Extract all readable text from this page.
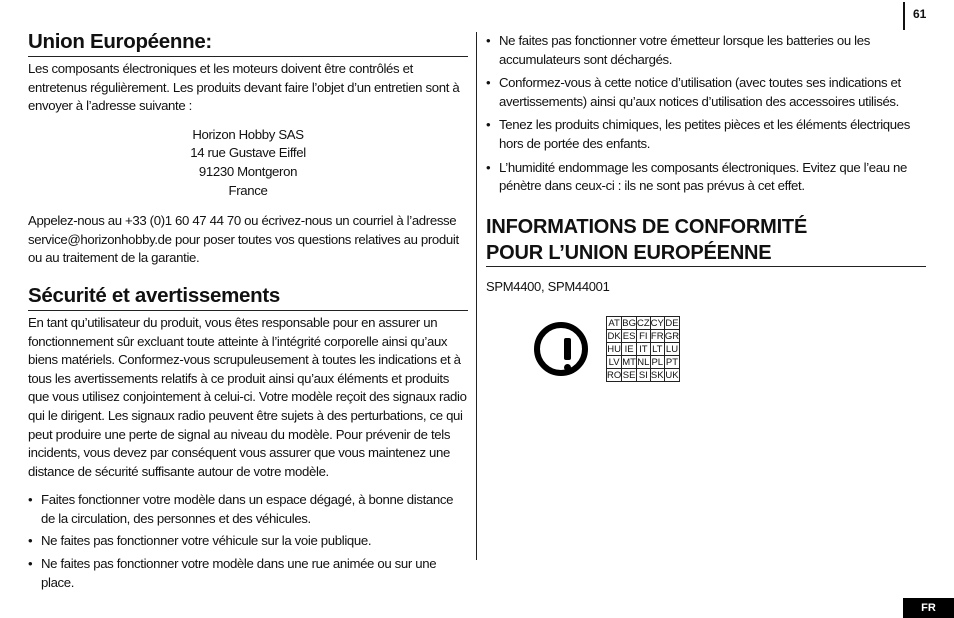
61
Union Européenne:

Les composants électroniques et les moteurs doivent être contrôlés et entretenus régulièrement. Les produits devant faire l’objet d’un entretien sont à envoyer à l’adresse suivante :

Horizon Hobby SAS
14 rue Gustave Eiffel
91230 Montgeron
France

Appelez-nous au +33 (0)1 60 47 44 70 ou écrivez-nous un courriel à l’adresse service@horizonhobby.de pour poser toutes vos questions relatives au produit ou au traitement de la garantie.

Sécurité et avertissements

En tant qu’utilisateur du produit, vous êtes responsable pour en assurer un fonctionnement sûr excluant toute atteinte à l’intégrité corporelle ainsi qu’aux biens matériels. Conformez-vous scrupuleusement à toutes les indications et à tous les avertissements relatifs à ce produit ainsi qu’aux éléments et produits que vous utilisez conjointement à celui-ci. Votre modèle reçoit des signaux radio qui le dirigent. Les signaux radio peuvent être sujets à des perturbations, ce qui peut produire une perte de signal au niveau du modèle. Pour prévenir de tels incidents, vous devez par conséquent vous assurer que vous maintenez une distance de sécurité suffisante autour de votre modèle.

• Faites fonctionner votre modèle dans un espace dégagé, à bonne distance de la circulation, des personnes et des véhicules.
• Ne faites pas fonctionner votre véhicule sur la voie publique.
• Ne faites pas fonctionner votre modèle dans une rue animée ou sur une place.
• Ne faites pas fonctionner votre émetteur lorsque les batteries ou les accumulateurs sont déchargés.
• Conformez-vous à cette notice d’utilisation (avec toutes ses indications et avertissements) ainsi qu’aux notices d’utilisation des accessoires utilisés.
• Tenez les produits chimiques, les petites pièces et les éléments électriques hors de portée des enfants.
• L’humidité endommage les composants électroniques. Evitez que l’eau ne pénètre dans ceux-ci : ils ne sont pas prévus à cet effet.
INFORMATIONS DE CONFORMITÉ
POUR L’UNION EUROPÉENNE
SPM4400, SPM44001
AT	BG	CZ	CY	DE
DK	ES	FI	FR	GR
HU	IE	IT	LT	LU
LV	MT	NL	PL	PT
RO	SE	SI	SK	UK
FR
